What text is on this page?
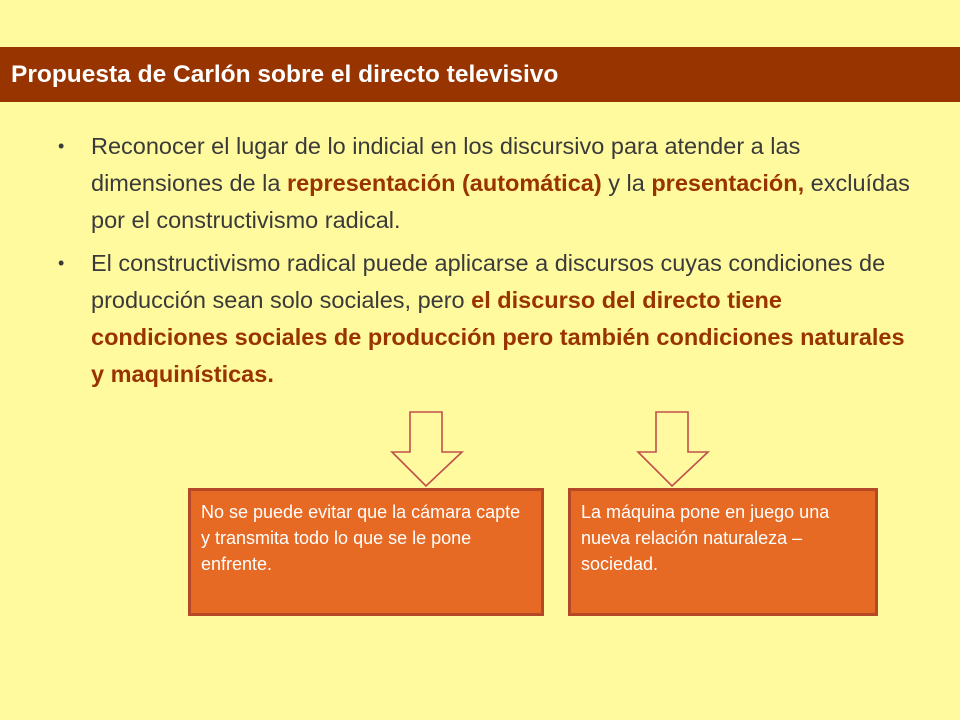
Propuesta de Carlón sobre el directo televisivo
•	Reconocer el lugar de lo indicial en los discursivo para atender a las dimensiones de la representación (automática) y la presentación, excluídas por el constructivismo radical.
•	El constructivismo radical puede aplicarse a discursos cuyas condiciones de producción sean solo sociales, pero el discurso del directo tiene condiciones sociales de producción pero también condiciones naturales y maquinísticas.
No se puede evitar que la cámara capte y transmita todo lo que se le pone enfrente.
La máquina pone en juego una nueva relación naturaleza – sociedad.
